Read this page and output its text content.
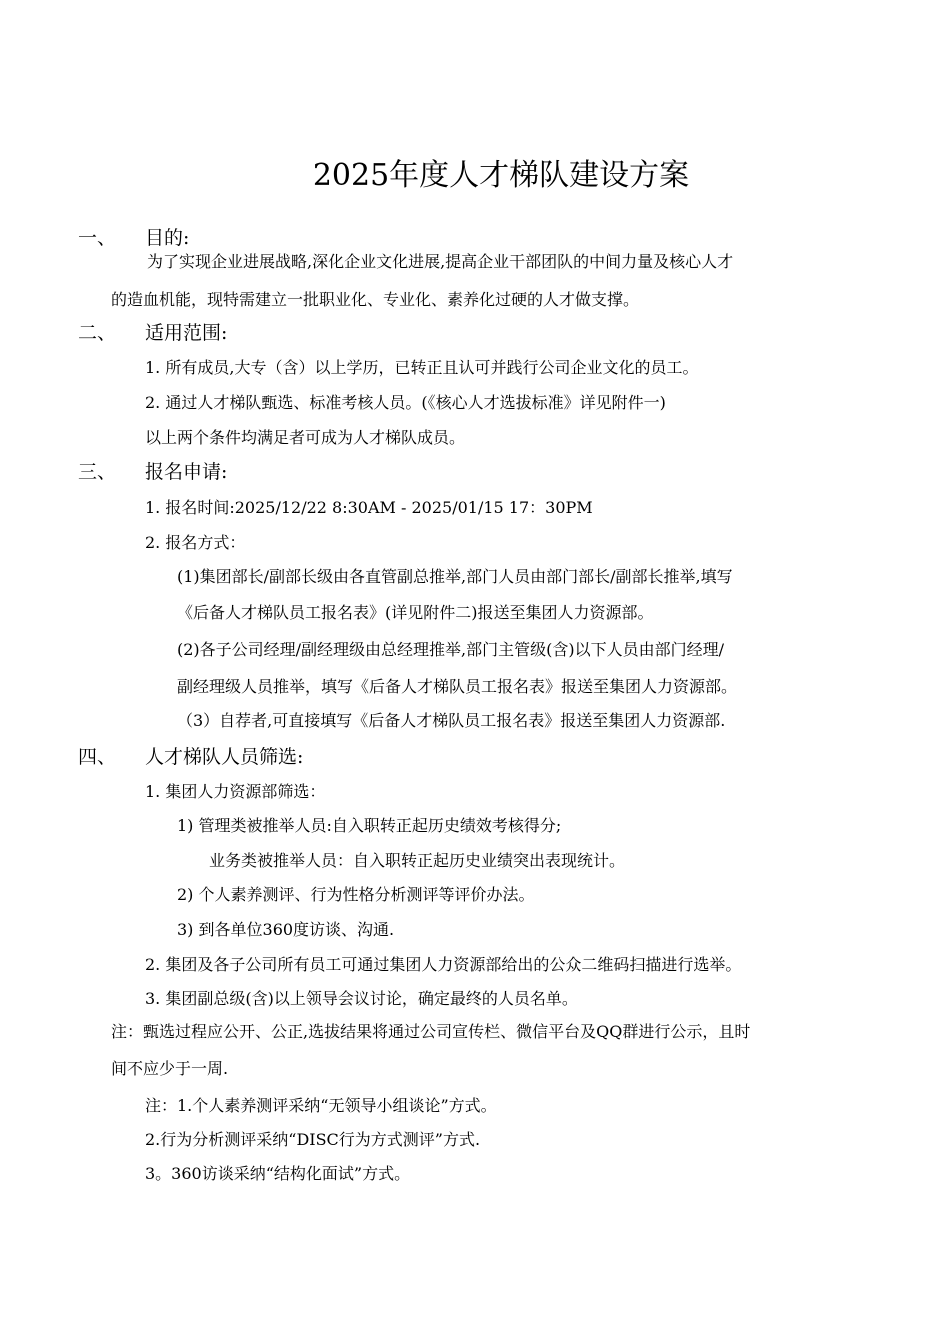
2025年度人才梯队建设方案
一、 目的:
为了实现企业进展战略,深化企业文化进展,提高企业干部团队的中间力量及核心人才
的造血机能，现特需建立一批职业化、专业化、素养化过硬的人才做支撑。
二、 适用范围:
1. 所有成员,大专（含）以上学历，已转正且认可并践行公司企业文化的员工。
2. 通过人才梯队甄选、标准考核人员。(《核心人才选拔标准》详见附件一)
以上两个条件均满足者可成为人才梯队成员。
三、 报名申请:
1. 报名时间:2025/12/22 8:30AM - 2025/01/15 17：30PM
2. 报名方式：
(1)集团部长/副部长级由各直管副总推举,部门人员由部门部长/副部长推举,填写
《后备人才梯队员工报名表》(详见附件二)报送至集团人力资源部。
(2)各子公司经理/副经理级由总经理推举,部门主管级(含)以下人员由部门经理/
副经理级人员推举，填写《后备人才梯队员工报名表》报送至集团人力资源部。
（3）自荐者,可直接填写《后备人才梯队员工报名表》报送至集团人力资源部.
四、 人才梯队人员筛选:
1. 集团人力资源部筛选：
1) 管理类被推举人员:自入职转正起历史绩效考核得分;
业务类被推举人员：自入职转正起历史业绩突出表现统计。
2) 个人素养测评、行为性格分析测评等评价办法。
3) 到各单位360度访谈、沟通.
2. 集团及各子公司所有员工可通过集团人力资源部给出的公众二维码扫描进行选举。
3. 集团副总级(含)以上领导会议讨论，确定最终的人员名单。
注：甄选过程应公开、公正,选拔结果将通过公司宣传栏、微信平台及QQ群进行公示，且时
间不应少于一周.
注：1.个人素养测评采纳“无领导小组谈论”方式。
2.行为分析测评采纳“DISC行为方式测评”方式.
3。360访谈采纳“结构化面试”方式。
